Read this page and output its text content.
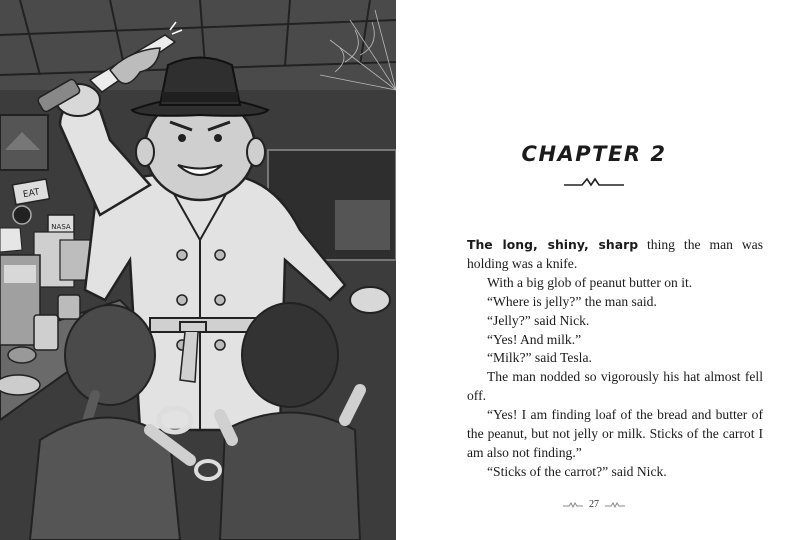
EAT
NASA
CHAPTER 2

The long, shiny, sharp thing the man was holding was a knife.

With a big glob of peanut butter on it.

“Where is jelly?” the man said.

“Jelly?” said Nick.

“Yes! And milk.”

“Milk?” said Tesla.

The man nodded so vigorously his hat almost fell off.

“Yes! I am finding loaf of the bread and butter of the peanut, but not jelly or milk. Sticks of the carrot I am also not finding.”

“Sticks of the carrot?” said Nick.

27
